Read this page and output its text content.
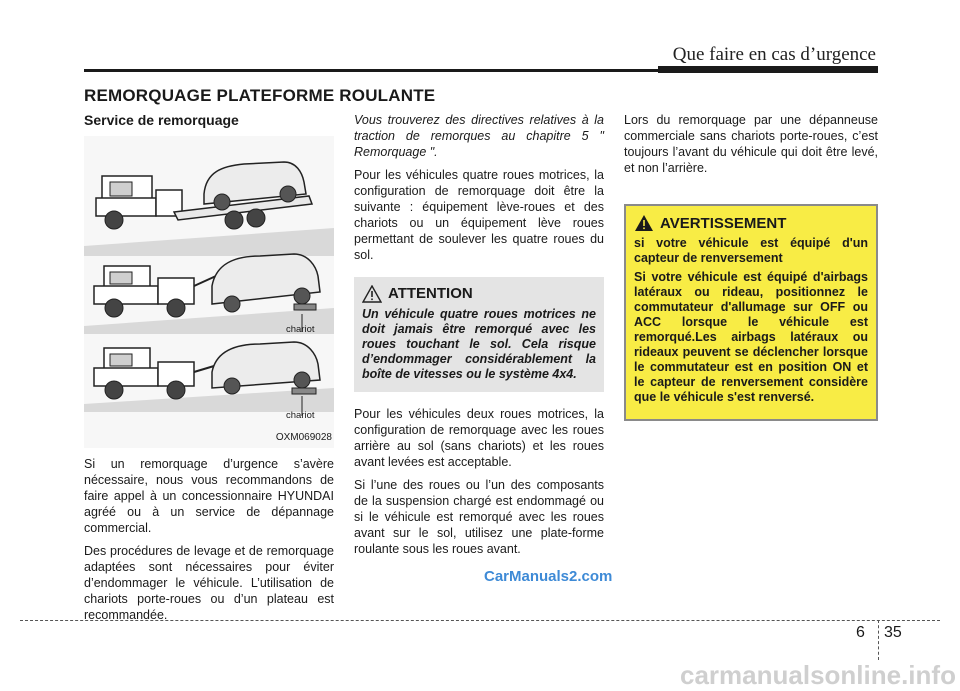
Que faire en cas d’urgence
REMORQUAGE PLATEFORME ROULANTE
Service de remorquage
chariot
chariot
OXM069028

Si un remorquage d’urgence s’avère nécessaire, nous vous recommandons de faire appel à un concessionnaire HYUNDAI agréé ou à un service de dépannage commercial.

Des procédures de levage et de remorquage adaptées sont nécessaires pour éviter d’endommager le véhicule. L’utilisation de chariots porte-roues ou d’un plateau est recommandée.

Vous trouverez des directives relatives à la traction de remorques au chapitre 5 " Remorquage ".

Pour les véhicules quatre roues motrices, la configuration de remorquage doit être la suivante : équipement lève-roues et des chariots ou un équipement lève roues permettant de soulever les quatre roues du sol.

ATTENTION
Un véhicule quatre roues motrices ne doit jamais être remorqué avec les roues touchant le sol. Cela risque d’endommager considérablement la boîte de vitesses ou le système 4x4.

Pour les véhicules deux roues motrices, la configuration de remorquage avec les roues arrière au sol (sans chariots) et les roues avant levées est acceptable.

Si l’une des roues ou l’un des composants de la suspension chargé est endommagé ou si le véhicule est remorqué avec les roues avant sur le sol, utilisez une plate-forme roulante sous les roues avant.

Lors du remorquage par une dépanneuse commerciale sans chariots porte-roues, c’est toujours l’avant du véhicule qui doit être levé, et non l’arrière.

AVERTISSEMENT

si votre véhicule est équipé d'un capteur de renversement

Si votre véhicule est équipé d'airbags latéraux ou rideau, positionnez le commutateur d'allumage sur OFF ou ACC lorsque le véhicule est remorqué.Les airbags latéraux ou rideaux peuvent se déclencher lorsque le commutateur est en position ON et le capteur de renversement considère que le véhicule s'est renversé.

CarManuals2.com
6 35
carmanualsonline.info
